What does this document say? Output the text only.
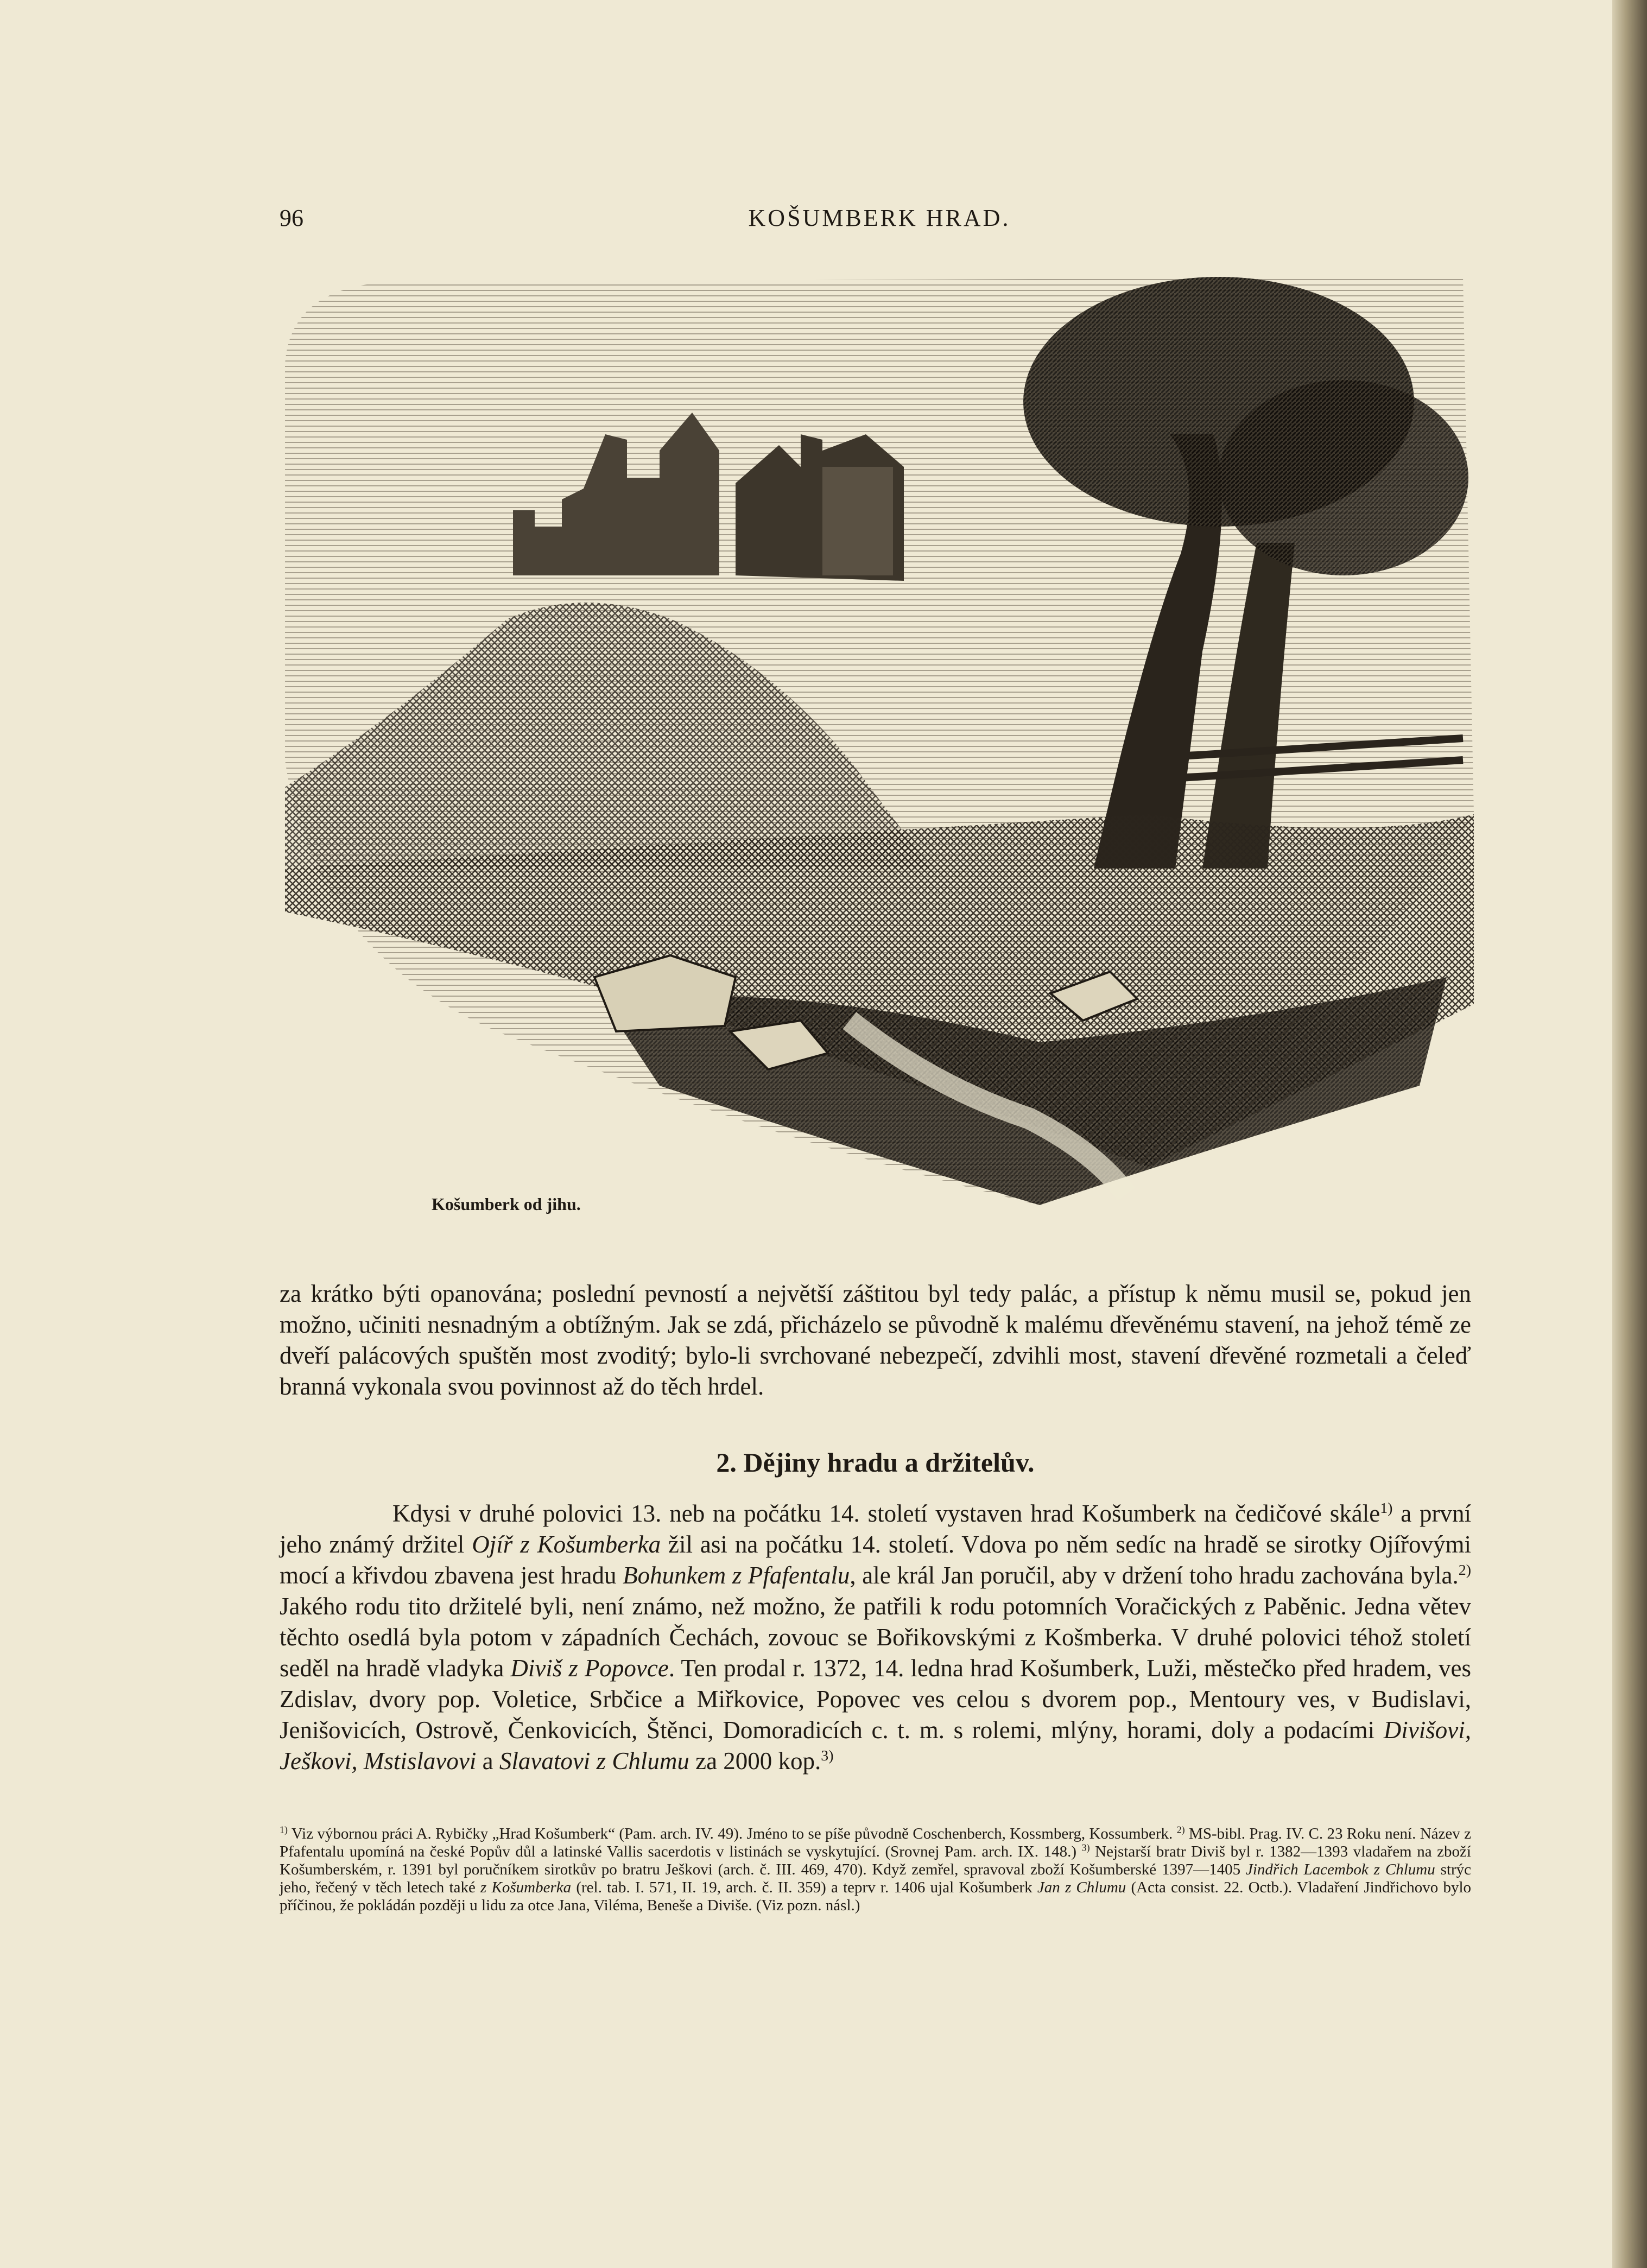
96	KOŠUMBERK HRAD.
Košumberk od jihu.

za krátko býti opanována; poslední pevností a největší záštitou byl tedy palác, a přístup k němu musil se, pokud jen možno, učiniti nesnadným a obtížným. Jak se zdá, přicházelo se původně k malému dřevěnému stavení, na jehož témě ze dveří palácových spuštěn most zvoditý; bylo-li svrchované nebezpečí, zdvihli most, stavení dřevěné rozmetali a čeleď branná vykonala svou povinnost až do těch hrdel.

2. Dějiny hradu a držitelův.

Kdysi v druhé polovici 13. neb na počátku 14. století vystaven hrad Košumberk na čedičové skále$^{1)}$ a první jeho známý držitel Ojíř z Košumberka žil asi na počátku 14. století. Vdova po něm sedíc na hradě se sirotky Ojířovými mocí a křivdou zbavena jest hradu Bohunkem z Pfafentalu, ale král Jan poručil, aby v držení toho hradu zachována byla.$^{2)}$ Jakého rodu tito držitelé byli, není známo, než možno, že patřili k rodu potomních Voračických z Paběnic. Jedna větev těchto osedlá byla potom v západních Čechách, zovouc se Bořikovskými z Košmberka. V druhé polovici téhož století seděl na hradě vladyka Diviš z Popovce. Ten prodal r. 1372, 14. ledna hrad Košumberk, Luži, městečko před hradem, ves Zdislav, dvory pop. Voletice, Srbčice a Miřkovice, Popovec ves celou s dvorem pop., Mentoury ves, v Budislavi, Jenišovicích, Ostrově, Čenkovicích, Štěnci, Domoradicích c. t. m. s rolemi, mlýny, horami, doly a podacími Divišovi, Ješkovi, Mstislavovi a Slavatovi z Chlumu za 2000 kop.$^{3)}$

$^{1)}$ Viz výbornou práci A. Rybičky „Hrad Košumberk“ (Pam. arch. IV. 49). Jméno to se píše původně Coschenberch, Kossmberg, Kossumberk. $^{2)}$ MS-bibl. Prag. IV. C. 23 Roku není. Název z Pfafentalu upomíná na české Popův důl a latinské Vallis sacerdotis v listinách se vyskytující. (Srovnej Pam. arch. IX. 148.) $^{3)}$ Nejstarší bratr Diviš byl r. 1382—1393 vladařem na zboží Košumberském, r. 1391 byl poručníkem sirotkův po bratru Ješkovi (arch. č. III. 469, 470). Když zemřel, spravoval zboží Košumberské 1397—1405 Jindřich Lacembok z Chlumu strýc jeho, řečený v těch letech také z Košumberka (rel. tab. I. 571, II. 19, arch. č. II. 359) a teprv r. 1406 ujal Košumberk Jan z Chlumu (Acta consist. 22. Octb.). Vladaření Jindřichovo bylo příčinou, že pokládán později u lidu za otce Jana, Viléma, Beneše a Diviše. (Viz pozn. násl.)
